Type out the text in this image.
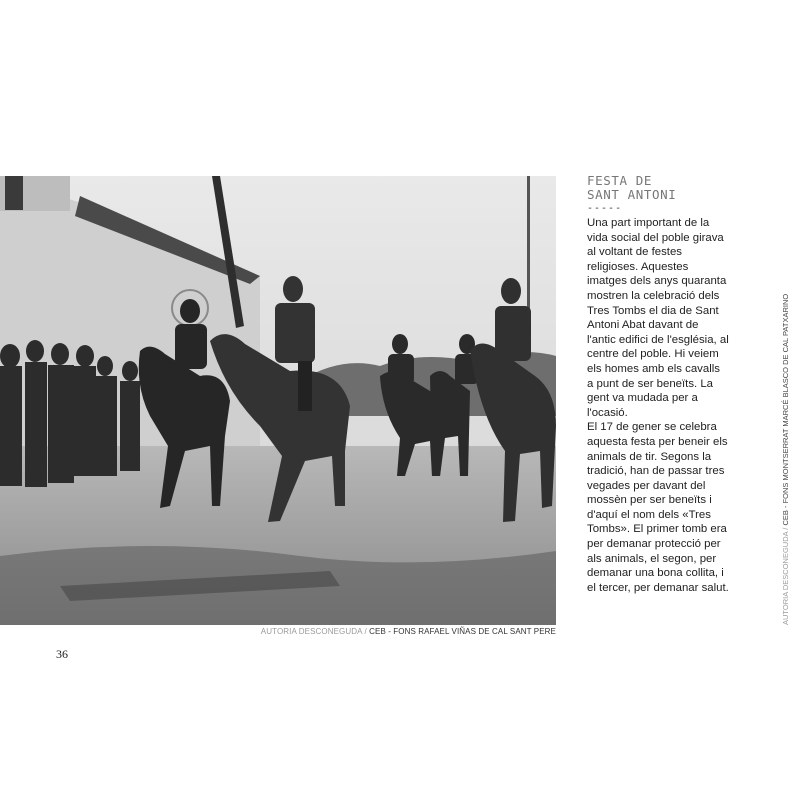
AUTORIA DESCONEGUDA / CEB - FONS RAFAEL VIÑAS DE CAL SANT PERE
36
FESTA DE
SANT ANTONI
-----

Una part important de la vida social del poble girava al voltant de festes religioses. Aquestes imatges dels anys quaranta mostren la celebració dels Tres Tombs el dia de Sant Antoni Abat davant de l'antic edifici de l'església, al centre del poble. Hi veiem els homes amb els cavalls a punt de ser beneïts. La gent va mudada per a l'ocasió.

El 17 de gener se celebra aquesta festa per beneir els animals de tir. Segons la tradició, han de passar tres vegades per davant del mossèn per ser beneïts i d'aquí el nom dels «Tres Tombs». El primer tomb era per demanar protecció per als animals, el segon, per demanar una bona collita, i el tercer, per demanar salut.	AUTORIA DESCONEGUDA / CEB - FONS MONTSERRAT MARCÉ BLASCO DE CAL PATXARINO
